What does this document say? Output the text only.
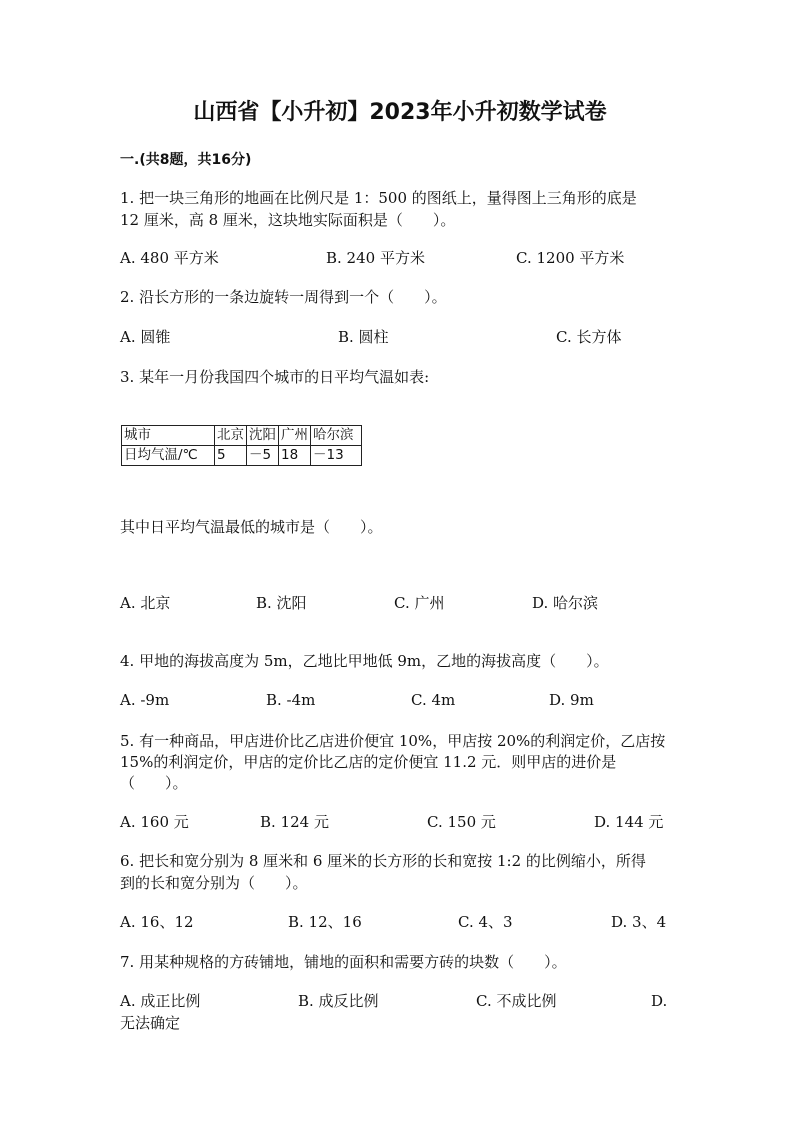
山西省【小升初】2023年小升初数学试卷
一.(共8题，共16分)
1. 把一块三角形的地画在比例尺是 1：500 的图纸上，量得图上三角形的底是
12 厘米，高 8 厘米，这块地实际面积是（　　）。
A. 480 平方米	B. 240 平方米	C. 1200 平方米
2. 沿长方形的一条边旋转一周得到一个（　　）。
A. 圆锥	B. 圆柱	C. 长方体
3. 某年一月份我国四个城市的日平均气温如表:
城市	北京	沈阳	广州	哈尔滨
日均气温/℃	5	－5	18	－13
其中日平均气温最低的城市是（　　）。
A. 北京	B. 沈阳	C. 广州	D. 哈尔滨
4. 甲地的海拔高度为 5m，乙地比甲地低 9m，乙地的海拔高度（　　）。
A. -9m	B. -4m	C. 4m	D. 9m
5. 有一种商品，甲店进价比乙店进价便宜 10%，甲店按 20%的利润定价，乙店按
15%的利润定价，甲店的定价比乙店的定价便宜 11.2 元．则甲店的进价是
（　　）。
A. 160 元	B. 124 元	C. 150 元	D. 144 元
6. 把长和宽分别为 8 厘米和 6 厘米的长方形的长和宽按 1:2 的比例缩小，所得
到的长和宽分别为（　　）。
A. 16、12	B. 12、16	C. 4、3	D. 3、4
7. 用某种规格的方砖铺地，铺地的面积和需要方砖的块数（　　）。
A. 成正比例	B. 成反比例	C. 不成比例	D.
无法确定
